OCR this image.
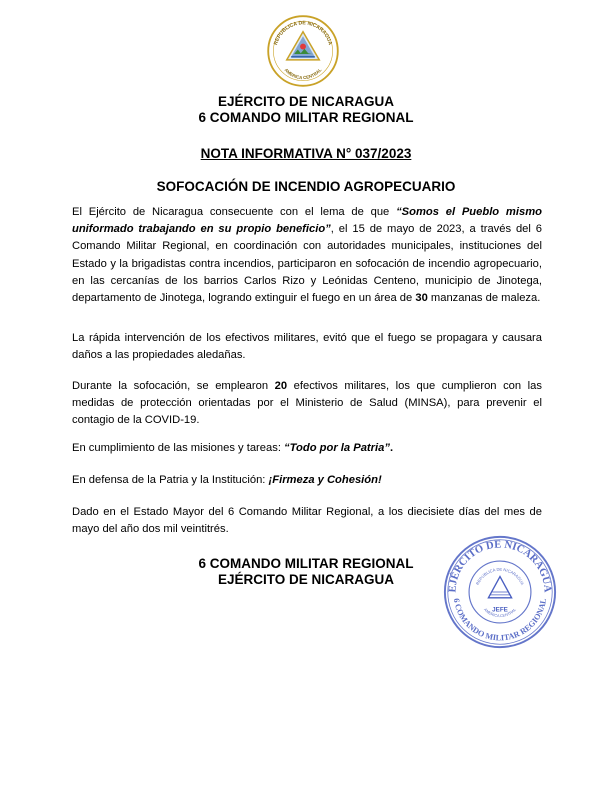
REPUBLICA DE NICARAGUA
AMERICA CENTRAL
EJÉRCITO DE NICARAGUA
6 COMANDO MILITAR REGIONAL
NOTA INFORMATIVA N° 037/2023
SOFOCACIÓN DE INCENDIO AGROPECUARIO
El Ejército de Nicaragua consecuente con el lema de que “Somos el Pueblo mismo uniformado trabajando en su propio beneficio”, el 15 de mayo de 2023, a través del 6 Comando Militar Regional, en coordinación con autoridades municipales, instituciones del Estado y la brigadistas contra incendios, participaron en sofocación de incendio agropecuario, en las cercanías de los barrios Carlos Rizo y Leónidas Centeno, municipio de Jinotega, departamento de Jinotega, logrando extinguir el fuego en un área de 30 manzanas de maleza.
La rápida intervención de los efectivos militares, evitó que el fuego se propagara y causara daños a las propiedades aledañas.
Durante la sofocación, se emplearon 20 efectivos militares, los que cumplieron con las medidas de protección orientadas por el Ministerio de Salud (MINSA), para prevenir el contagio de la COVID-19.
En cumplimiento de las misiones y tareas: “Todo por la Patria”.
En defensa de la Patria y la Institución: ¡Firmeza y Cohesión!
Dado en el Estado Mayor del 6 Comando Militar Regional, a los diecisiete días del mes de mayo del año dos mil veintitrés.
6 COMANDO MILITAR REGIONAL
EJÉRCITO DE NICARAGUA
EJÉRCITO DE NICARAGUA
6 COMANDO MILITAR REGIONAL
REPUBLICA DE NICARAGUA
AMERICA CENTRAL
JEFE
